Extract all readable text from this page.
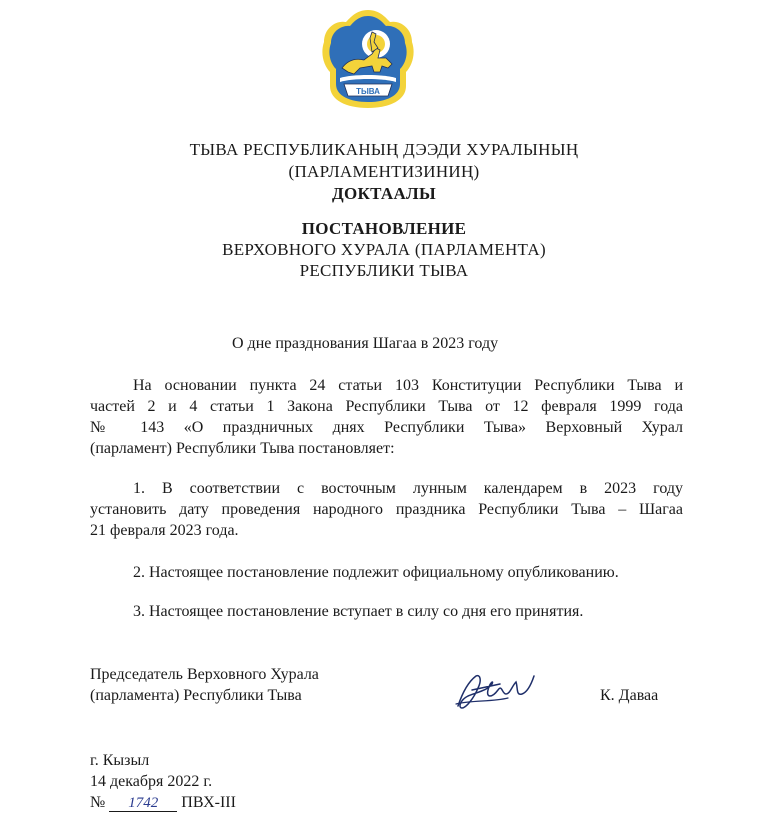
ТЫВА
ТЫВА РЕСПУБЛИКАНЫҢ ДЭЭДИ ХУРАЛЫНЫҢ
(ПАРЛАМЕНТИЗИНИҢ)
ДОКТААЛЫ
ПОСТАНОВЛЕНИЕ
ВЕРХОВНОГО ХУРАЛА (ПАРЛАМЕНТА)
РЕСПУБЛИКИ ТЫВА
О дне празднования Шагаа в 2023 году
На основании пункта 24 статьи 103 Конституции Республики Тыва и
частей 2 и 4 статьи 1 Закона Республики Тыва от 12 февраля 1999 года
№ 143 «О праздничных днях Республики Тыва» Верховный Хурал
(парламент) Республики Тыва постановляет:
1. В соответствии с восточным лунным календарем в 2023 году
установить дату проведения народного праздника Республики Тыва – Шагаа
21 февраля 2023 года.
2. Настоящее постановление подлежит официальному опубликованию.
3. Настоящее постановление вступает в силу со дня его принятия.
Председатель Верховного Хурала
(парламента) Республики Тыва	К. Даваа
г. Кызыл
14 декабря 2022 г.
№ 1742 ПВХ-III
